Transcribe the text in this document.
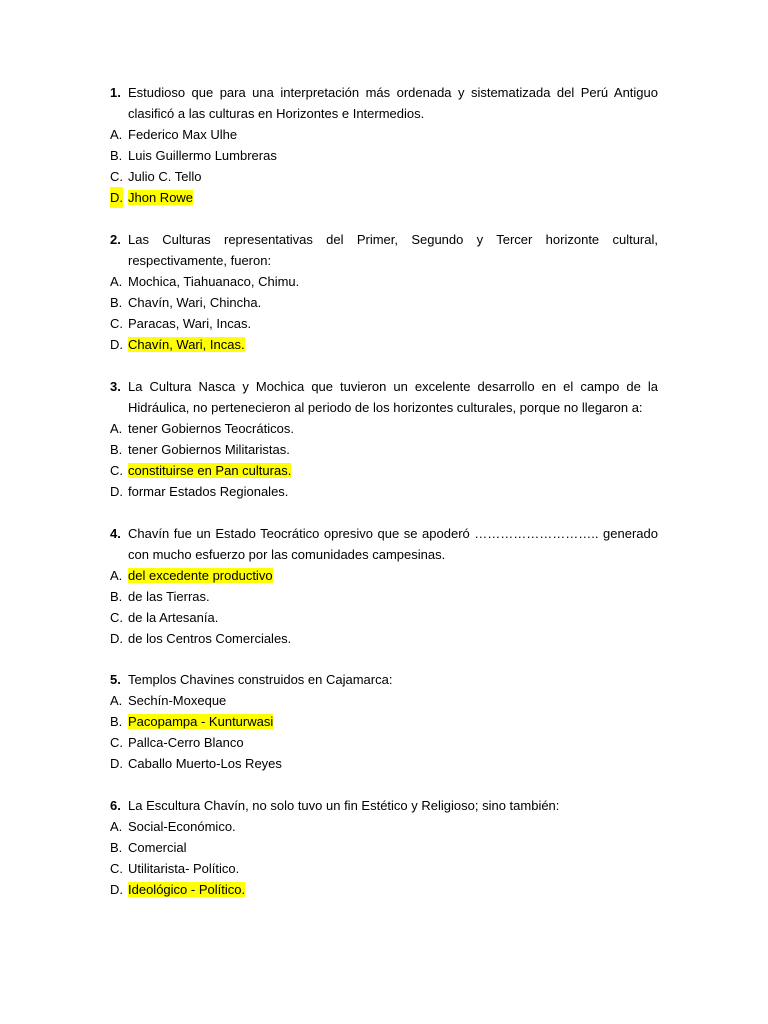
1. Estudioso que para una interpretación más ordenada y sistematizada del Perú Antiguo clasificó a las culturas en Horizontes e Intermedios.
A. Federico Max Ulhe
B. Luis Guillermo Lumbreras
C. Julio C. Tello
D. Jhon Rowe
2. Las Culturas representativas del Primer, Segundo y Tercer horizonte cultural, respectivamente, fueron:
A. Mochica, Tiahuanaco, Chimu.
B. Chavín, Wari, Chincha.
C. Paracas, Wari, Incas.
D. Chavín, Wari, Incas.
3. La Cultura Nasca y Mochica que tuvieron un excelente desarrollo en el campo de la Hidráulica, no pertenecieron al periodo de los horizontes culturales, porque no llegaron a:
A. tener Gobiernos Teocráticos.
B. tener Gobiernos Militaristas.
C. constituirse en Pan culturas.
D. formar Estados Regionales.
4. Chavín fue un Estado Teocrático opresivo que se apoderó ……………………….. generado con mucho esfuerzo por las comunidades campesinas.
A. del excedente productivo
B. de las Tierras.
C. de la Artesanía.
D. de los Centros Comerciales.
5. Templos Chavines construidos en Cajamarca:
A. Sechín-Moxeque
B. Pacopampa - Kunturwasi
C. Pallca-Cerro Blanco
D. Caballo Muerto-Los Reyes
6. La Escultura Chavín, no solo tuvo un fin Estético y Religioso; sino también:
A. Social-Económico.
B. Comercial
C. Utilitarista- Político.
D. Ideológico - Político.
